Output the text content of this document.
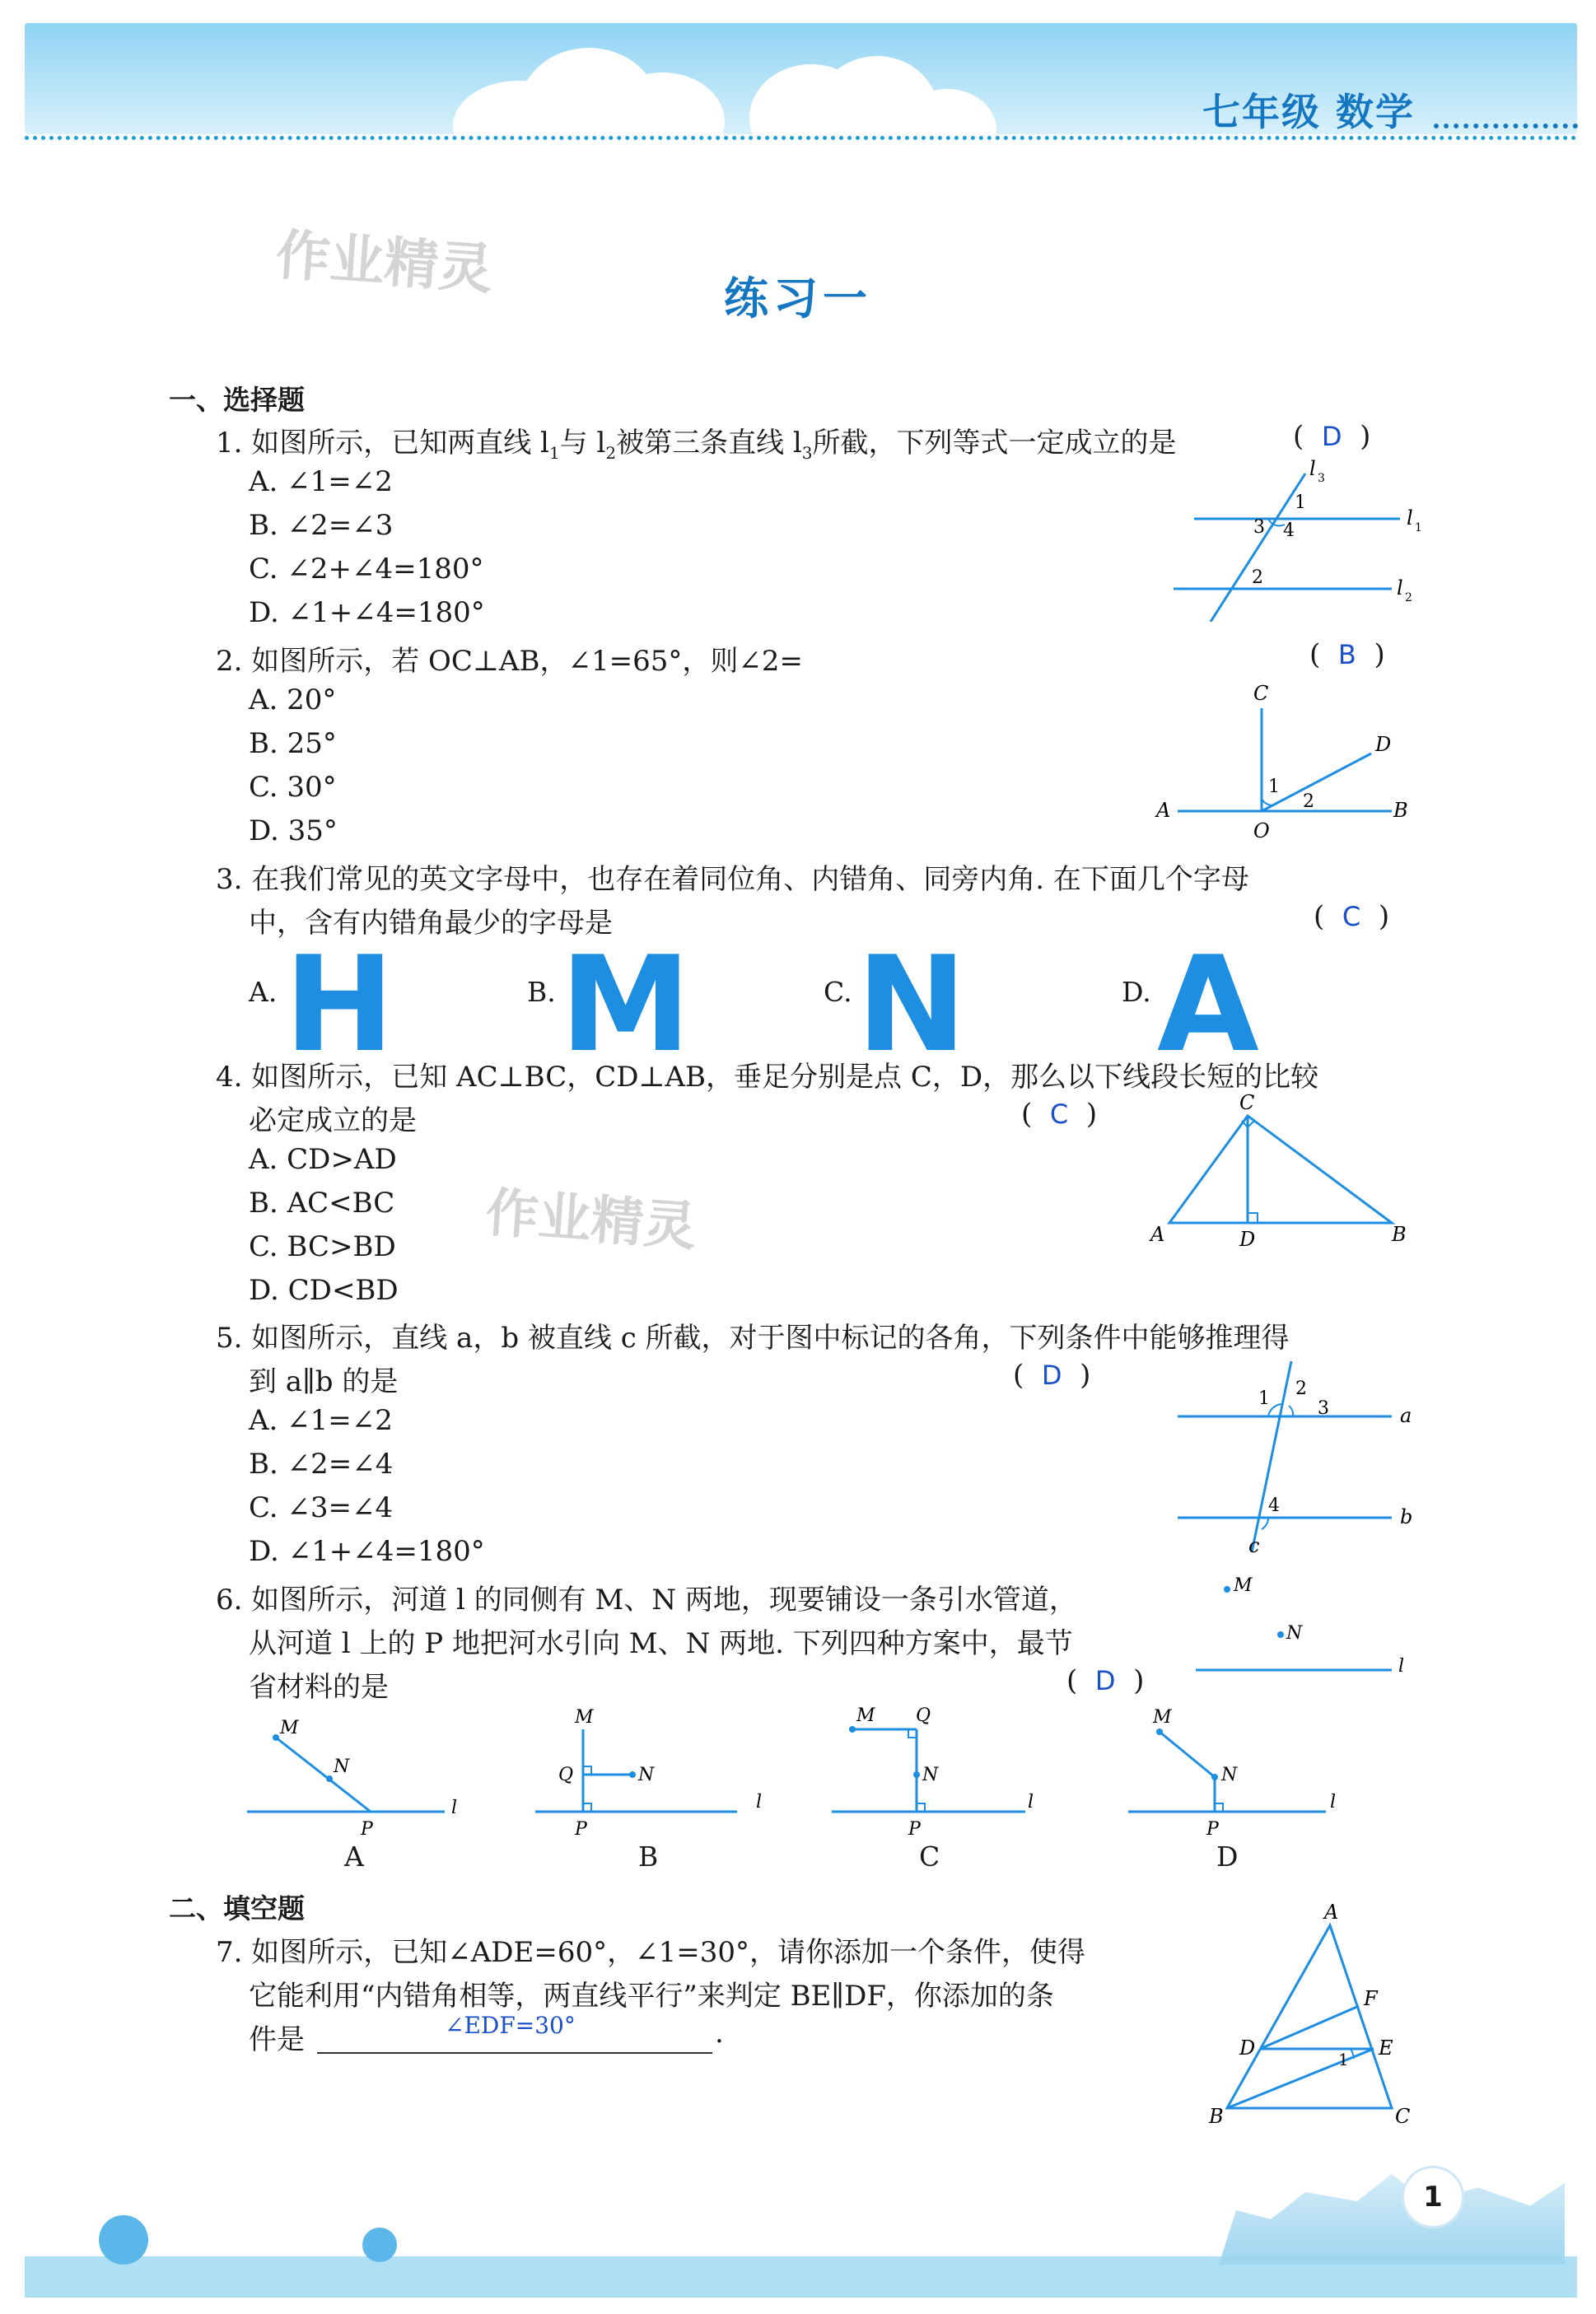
七年级 数学
作业精灵
作业精灵
练习一
一、选择题
1. 如图所示，已知两直线 $l_1$与 $l_2$被第三条直线 $l_3$所截，下列等式一定成立的是	(  D  )
A. ∠1=∠2
B. ∠2=∠3
C. ∠2+∠4=180°
D. ∠1+∠4=180°
l 1
l 2
l 3
1
3 4
2
2. 如图所示，若 OC⊥AB，∠1=65°，则∠2=	(  B  )
A. 20°
B. 25°
C. 30°
D. 35°
A	B
C
D
O
1
2
3. 在我们常见的英文字母中，也存在着同位角、内错角、同旁内角. 在下面几个字母
中，含有内错角最少的字母是	(  C  )
A. H	B. M	C. N	D. A
4. 如图所示，已知 AC⊥BC，CD⊥AB，垂足分别是点 C，D，那么以下线段长短的比较
必定成立的是	(  C  )
A. CD>AD
B. AC<BC
C. BC>BD
D. CD<BD
A	B
C
D
5. 如图所示，直线 a，b 被直线 c 所截，对于图中标记的各角，下列条件中能够推理得
到 a∥b 的是	(  D  )
A. ∠1=∠2
B. ∠2=∠4
C. ∠3=∠4
D. ∠1+∠4=180°
a
b
c
1 2
3
4
6. 如图所示，河道 l 的同侧有 M、N 两地，现要铺设一条引水管道，
从河道 l 上的 P 地把河水引向 M、N 两地. 下列四种方案中，最节
省材料的是	(  D  )
M
N
l
M
N
l
P
A
M
Q	N
l
P
B
M Q
N
l
P
C
M
N
l
P
D
二、填空题
7. 如图所示，已知∠ADE=60°，∠1=30°，请你添加一个条件，使得
它能利用“内错角相等，两直线平行”来判定 BE∥DF，你添加的条
件是	∠EDF=30°	.
A
B	C
D	E
F
1
1
